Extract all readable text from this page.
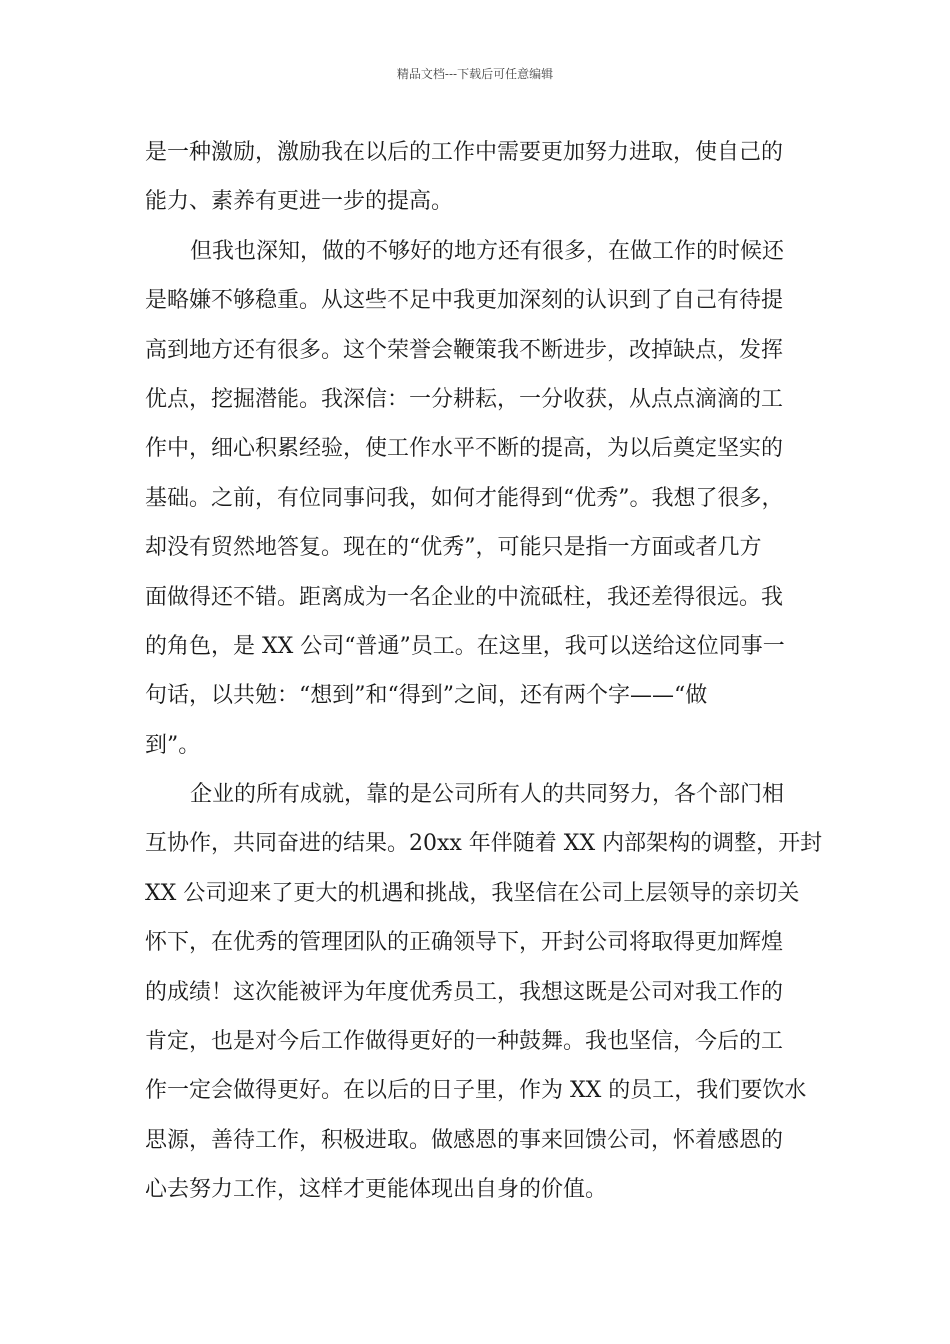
精品文档---下载后可任意编辑
是一种激励，激励我在以后的工作中需要更加努力进取，使自己的
能力、素养有更进一步的提高。
但我也深知，做的不够好的地方还有很多，在做工作的时候还
是略嫌不够稳重。从这些不足中我更加深刻的认识到了自己有待提
高到地方还有很多。这个荣誉会鞭策我不断进步，改掉缺点，发挥
优点，挖掘潜能。我深信：一分耕耘，一分收获，从点点滴滴的工
作中，细心积累经验，使工作水平不断的提高，为以后奠定坚实的
基础。之前，有位同事问我，如何才能得到“优秀”。我想了很多，
却没有贸然地答复。现在的“优秀”，可能只是指一方面或者几方
面做得还不错。距离成为一名企业的中流砥柱，我还差得很远。我
的角色，是 XX 公司“普通”员工。在这里，我可以送给这位同事一
句话，以共勉：“想到”和“得到”之间，还有两个字——“做
到”。
企业的所有成就，靠的是公司所有人的共同努力，各个部门相
互协作，共同奋进的结果。20xx 年伴随着 XX 内部架构的调整，开封
XX 公司迎来了更大的机遇和挑战，我坚信在公司上层领导的亲切关
怀下，在优秀的管理团队的正确领导下，开封公司将取得更加辉煌
的成绩！这次能被评为年度优秀员工，我想这既是公司对我工作的
肯定，也是对今后工作做得更好的一种鼓舞。我也坚信，今后的工
作一定会做得更好。在以后的日子里，作为 XX 的员工，我们要饮水
思源，善待工作，积极进取。做感恩的事来回馈公司，怀着感恩的
心去努力工作，这样才更能体现出自身的价值。
